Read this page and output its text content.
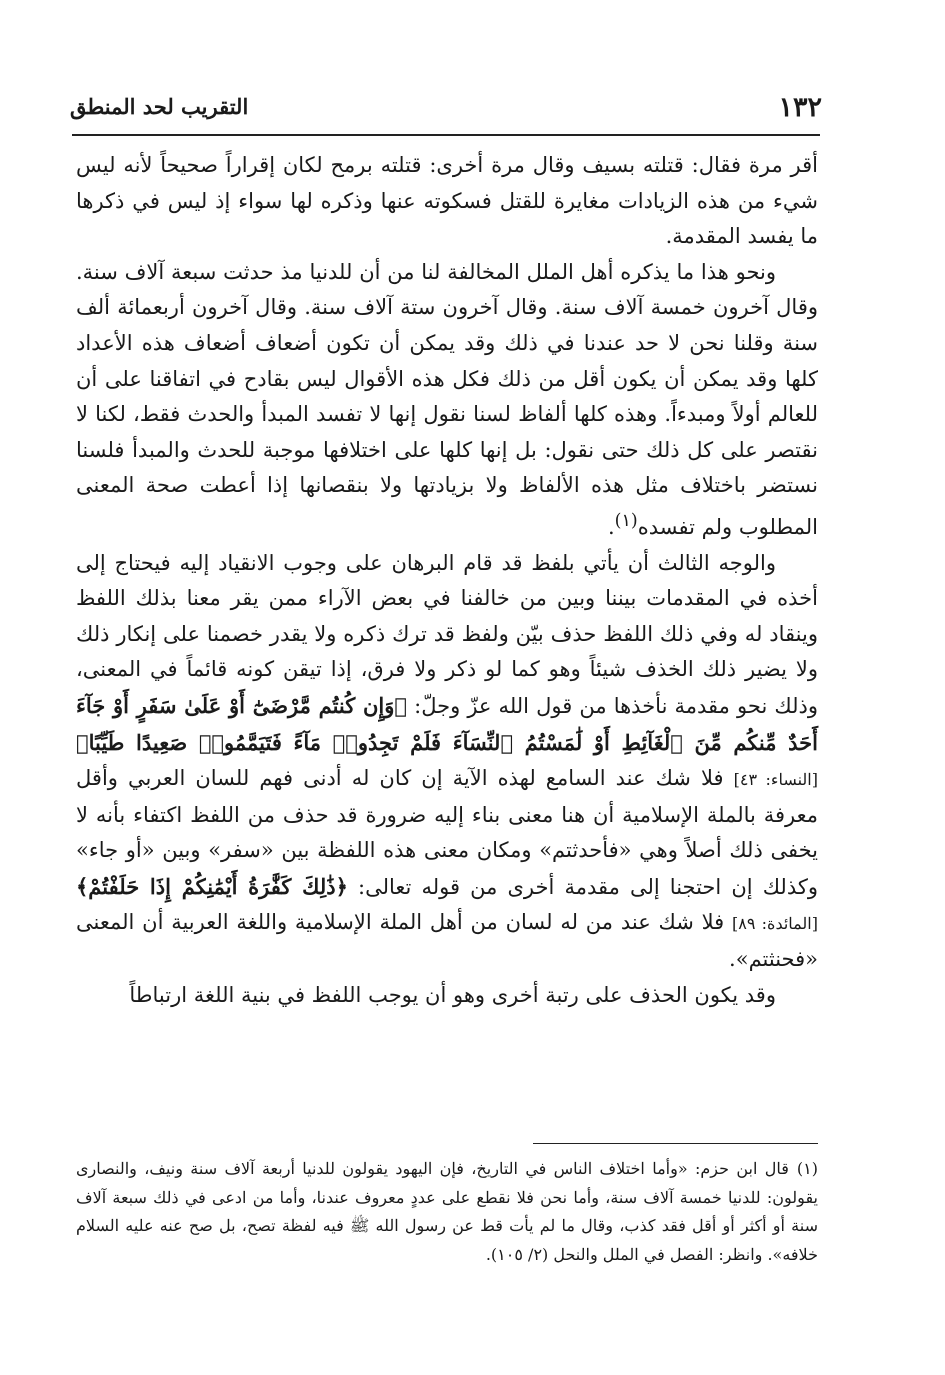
١٣٢
التقريب لحد المنطق

أقر مرة فقال: قتلته بسيف وقال مرة أخرى: قتلته برمح لكان إقراراً صحيحاً لأنه ليس شيء من هذه الزيادات مغايرة للقتل فسكوته عنها وذكره لها سواء إذ ليس في ذكرها ما يفسد المقدمة.

ونحو هذا ما يذكره أهل الملل المخالفة لنا من أن للدنيا مذ حدثت سبعة آلاف سنة. وقال آخرون خمسة آلاف سنة. وقال آخرون ستة آلاف سنة. وقال آخرون أربعمائة ألف سنة وقلنا نحن لا حد عندنا في ذلك وقد يمكن أن تكون أضعاف أضعاف هذه الأعداد كلها وقد يمكن أن يكون أقل من ذلك فكل هذه الأقوال ليس بقادح في اتفاقنا على أن للعالم أولاً ومبدءاً. وهذه كلها ألفاظ لسنا نقول إنها لا تفسد المبدأ والحدث فقط، لكنا لا نقتصر على كل ذلك حتى نقول: بل إنها كلها على اختلافها موجبة للحدث والمبدأ فلسنا نستضر باختلاف مثل هذه الألفاظ ولا بزيادتها ولا بنقصانها إذا أعطت صحة المعنى المطلوب ولم تفسده$^{(١)}$.

والوجه الثالث أن يأتي بلفظ قد قام البرهان على وجوب الانقياد إليه فيحتاج إلى أخذه في المقدمات بيننا وبين من خالفنا في بعض الآراء ممن يقر معنا بذلك اللفظ وينقاد له وفي ذلك اللفظ حذف بيّن ولفظ قد ترك ذكره ولا يقدر خصمنا على إنكار ذلك ولا يضير ذلك الخذف شيئاً وهو كما لو ذكر ولا فرق، إذا تيقن كونه قائماً في المعنى، وذلك نحو مقدمة نأخذها من قول الله عزّ وجلّ: ﴿وَإِن كُنتُم مَّرْضَىٰٓ أَوْ عَلَىٰ سَفَرٍ أَوْ جَآءَ أَحَدٌ مِّنكُم مِّنَ ٱلْغَآئِطِ أَوْ لَٰمَسْتُمُ ٱلنِّسَآءَ فَلَمْ تَجِدُوا۟ مَآءً فَتَيَمَّمُوا۟ صَعِيدًا طَيِّبًا﴾ [النساء: ٤٣] فلا شك عند السامع لهذه الآية إن كان له أدنى فهم للسان العربي وأقل معرفة بالملة الإسلامية أن هنا معنى بناء إليه ضرورة قد حذف من اللفظ اكتفاء بأنه لا يخفى ذلك أصلاً وهي «فأحدثتم» ومكان معنى هذه اللفظة بين «سفر» وبين «أو جاء» وكذلك إن احتجنا إلى مقدمة أخرى من قوله تعالى: ﴿ذَٰلِكَ كَفَّٰرَةُ أَيْمَٰنِكُمْ إِذَا حَلَفْتُمْ﴾ [المائدة: ٨٩] فلا شك عند من له لسان من أهل الملة الإسلامية واللغة العربية أن المعنى «فحنثتم».

وقد يكون الحذف على رتبة أخرى وهو أن يوجب اللفظ في بنية اللغة ارتباطاً

(١)قال ابن حزم: «وأما اختلاف الناس في التاريخ، فإن اليهود يقولون للدنيا أربعة آلاف سنة ونيف، والنصارى يقولون: للدنيا خمسة آلاف سنة، وأما نحن فلا نقطع على عددٍ معروف عندنا، وأما من ادعى في ذلك سبعة آلاف سنة أو أكثر أو أقل فقد كذب، وقال ما لم يأت قط عن رسول الله ﷺ فيه لفظة تصح، بل صح عنه عليه السلام خلافه». وانظر: الفصل في الملل والنحل (٢/ ١٠٥).
